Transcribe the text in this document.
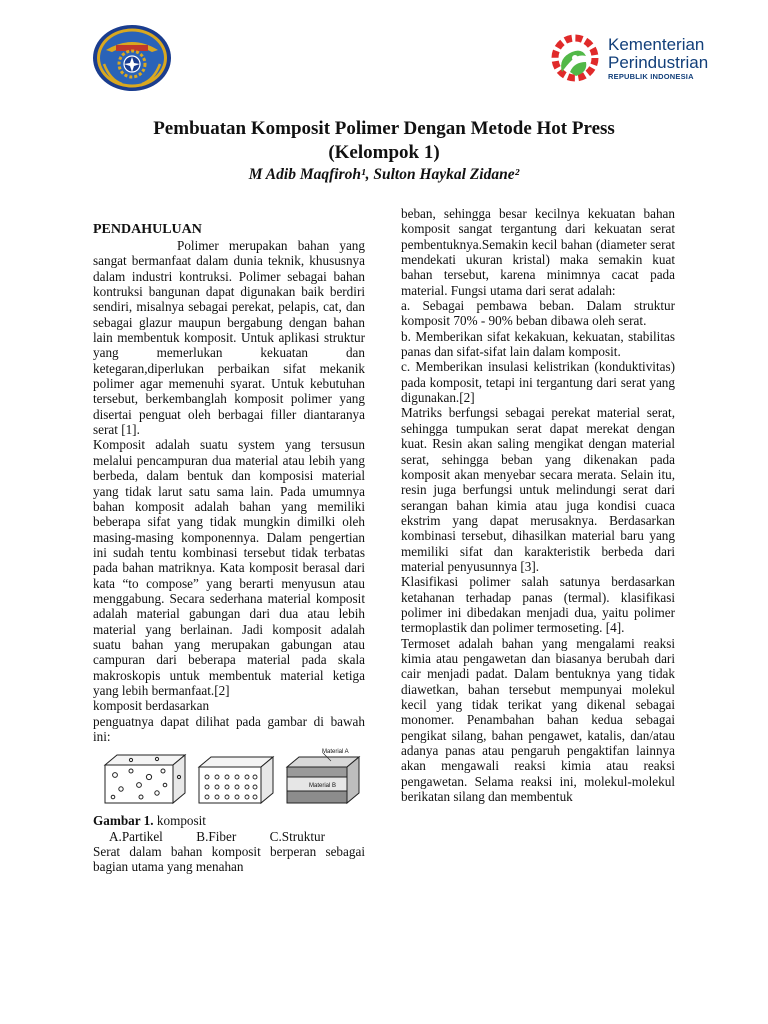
Kementerian
Perindustrian
REPUBLIK INDONESIA
Pembuatan Komposit Polimer Dengan Metode Hot Press
(Kelompok 1)
M Adib Maqfiroh¹, Sulton Haykal Zidane²

PENDAHULUAN

Polimer merupakan bahan yang sangat bermanfaat dalam dunia teknik, khususnya dalam industri kontruksi. Polimer sebagai bahan kontruksi bangunan dapat digunakan baik berdiri sendiri, misalnya sebagai perekat, pelapis, cat, dan sebagai glazur maupun bergabung dengan bahan lain membentuk komposit. Untuk aplikasi struktur yang memerlukan kekuatan dan ketegaran,diperlukan perbaikan sifat mekanik polimer agar memenuhi syarat. Untuk kebutuhan tersebut, berkembanglah komposit polimer yang disertai penguat oleh berbagai filler diantaranya serat [1].

Komposit adalah suatu system yang tersusun melalui pencampuran dua material atau lebih yang berbeda, dalam bentuk dan komposisi material yang tidak larut satu sama lain. Pada umumnya bahan komposit adalah bahan yang memiliki beberapa sifat yang tidak mungkin dimilki oleh masing-masing komponennya. Dalam pengertian ini sudah tentu kombinasi tersebut tidak terbatas pada bahan matriknya. Kata komposit berasal dari kata “to compose” yang berarti menyusun atau menggabung. Secara sederhana material komposit adalah material gabungan dari dua atau lebih material yang berlainan. Jadi komposit adalah suatu bahan yang merupakan gabungan atau campuran dari beberapa material pada skala makroskopis untuk membentuk material ketiga yang lebih bermanfaat.[2]

komposit berdasarkan

penguatnya dapat dilihat pada gambar di bawah ini:

Material A
Material B

Gambar 1. komposit

A.Partikel	B.Fiber	C.Struktur

Serat dalam bahan komposit berperan sebagai bagian utama yang menahan

beban, sehingga besar kecilnya kekuatan bahan komposit sangat tergantung dari kekuatan serat pembentuknya.Semakin kecil bahan (diameter serat mendekati ukuran kristal) maka semakin kuat bahan tersebut, karena minimnya cacat pada material. Fungsi utama dari serat adalah:

a. Sebagai pembawa beban. Dalam struktur komposit 70% - 90% beban dibawa oleh serat.

b. Memberikan sifat kekakuan, kekuatan, stabilitas panas dan sifat-sifat lain dalam komposit.

c. Memberikan insulasi kelistrikan (konduktivitas) pada komposit, tetapi ini tergantung dari serat yang digunakan.[2]

Matriks berfungsi sebagai perekat material serat, sehingga tumpukan serat dapat merekat dengan kuat. Resin akan saling mengikat dengan material serat, sehingga beban yang dikenakan pada komposit akan menyebar secara merata. Selain itu, resin juga berfungsi untuk melindungi serat dari serangan bahan kimia atau juga kondisi cuaca ekstrim yang dapat merusaknya. Berdasarkan kombinasi tersebut, dihasilkan material baru yang memiliki sifat dan karakteristik berbeda dari material penyusunnya [3].

Klasifikasi polimer salah satunya berdasarkan ketahanan terhadap panas (termal). klasifikasi polimer ini dibedakan menjadi dua, yaitu polimer termoplastik dan polimer termoseting. [4].

Termoset adalah bahan yang mengalami reaksi kimia atau pengawetan dan biasanya berubah dari cair menjadi padat. Dalam bentuknya yang tidak diawetkan, bahan tersebut mempunyai molekul kecil yang tidak terikat yang dikenal sebagai monomer. Penambahan bahan kedua sebagai pengikat silang, bahan pengawet, katalis, dan/atau adanya panas atau pengaruh pengaktifan lainnya akan mengawali reaksi kimia atau reaksi pengawetan. Selama reaksi ini, molekul-molekul berikatan silang dan membentuk
